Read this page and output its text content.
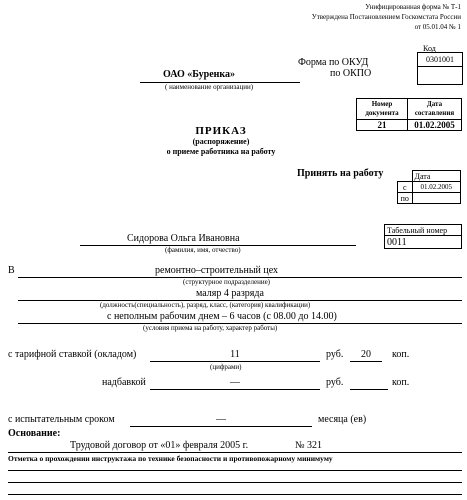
Унифицированная форма № Т-1
Утверждена Постановлением Госкомстата России
от 05.01.04 № 1
Код
0301001
Форма по ОКУД
по ОКПО
ОАО «Буренка»
( наименование организации)
Номер документа	Дата составления
21	01.02.2005
ПРИКАЗ
(распоряжение)
о приеме работника на работу
Принять на работу
		Дата
с	01.02.2005
по	
Табельный номер
0011
Сидорова Ольга Ивановна
(фамилия, имя, отчество)
В	ремонтно–строительный цех
(структурное подразделение)
маляр 4 разряда
(должность(специальность), разряд, класс, (категория) квалификации)
с неполным рабочим днем – 6 часов (с 08.00 до 14.00)
(условия приема на работу, характер работы)
с тарифной ставкой (окладом)	11	руб.	20	коп.
(цифрами)
надбавкой	—	руб.	коп.
с испытательным сроком	—	месяца (ев)
Основание:
Трудовой договор от «01» февраля 2005 г.	№ 321
Отметка о прохождении инструктажа по технике безопасности и противопожарному минимуму
